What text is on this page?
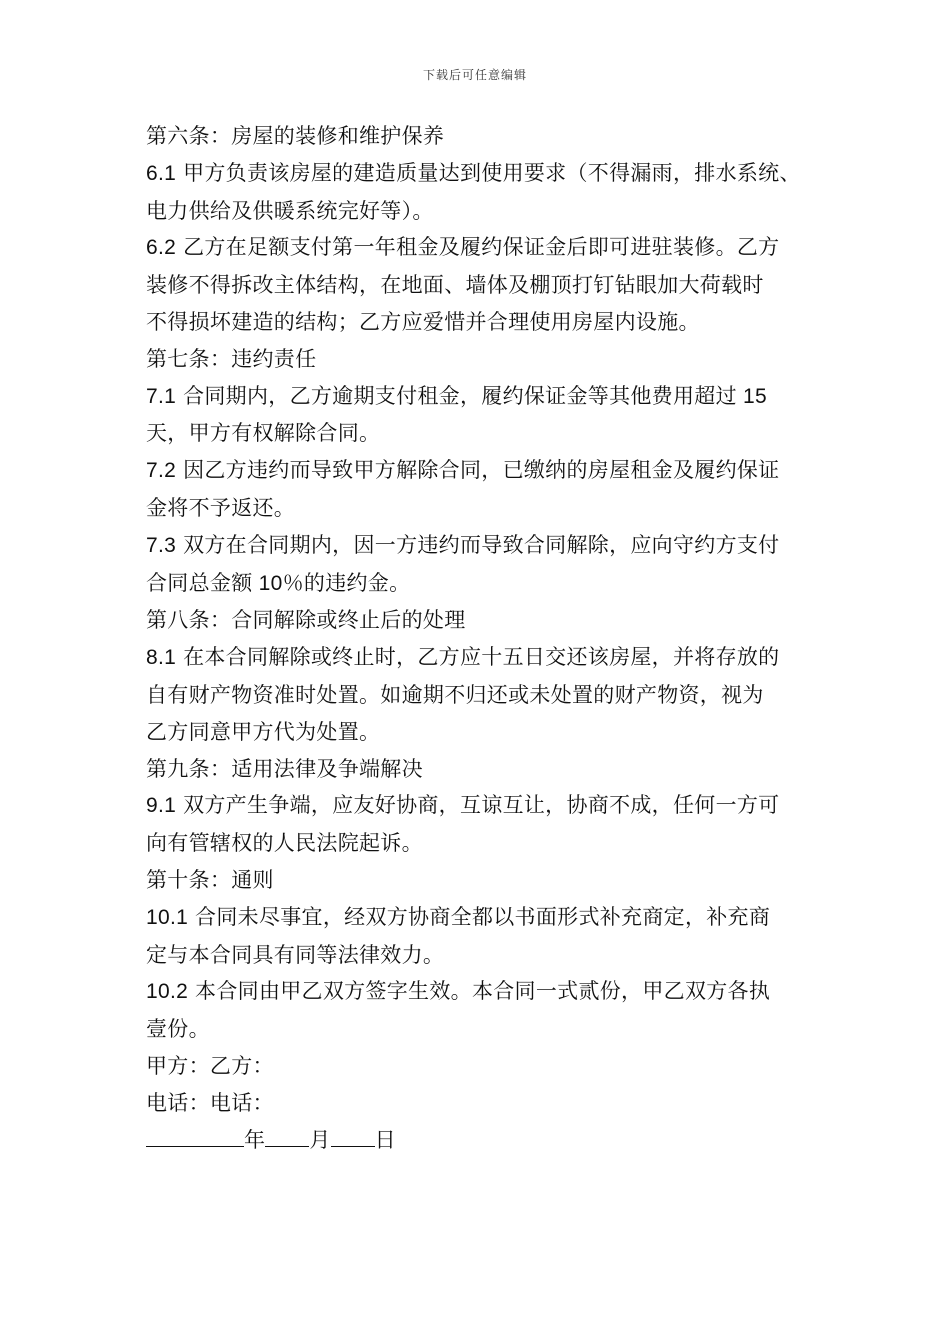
下载后可任意编辑
第六条：房屋的装修和维护保养
6.1 甲方负责该房屋的建造质量达到使用要求（不得漏雨，排水系统、
电力供给及供暖系统完好等）。
6.2 乙方在足额支付第一年租金及履约保证金后即可进驻装修。乙方
装修不得拆改主体结构，在地面、墙体及棚顶打钉钻眼加大荷载时
不得损坏建造的结构；乙方应爱惜并合理使用房屋内设施。
第七条：违约责任
7.1 合同期内，乙方逾期支付租金，履约保证金等其他费用超过 15
天，甲方有权解除合同。
7.2 因乙方违约而导致甲方解除合同，已缴纳的房屋租金及履约保证
金将不予返还。
7.3 双方在合同期内，因一方违约而导致合同解除，应向守约方支付
合同总金额 10％的违约金。
第八条：合同解除或终止后的处理
8.1 在本合同解除或终止时，乙方应十五日交还该房屋，并将存放的
自有财产物资准时处置。如逾期不归还或未处置的财产物资，视为
乙方同意甲方代为处置。
第九条：适用法律及争端解决
9.1 双方产生争端，应友好协商，互谅互让，协商不成，任何一方可
向有管辖权的人民法院起诉。
第十条：通则
10.1 合同未尽事宜，经双方协商全都以书面形式补充商定，补充商
定与本合同具有同等法律效力。
10.2 本合同由甲乙双方签字生效。本合同一式贰份，甲乙双方各执
壹份。
甲方：乙方：
电话：电话：
年 月 日
